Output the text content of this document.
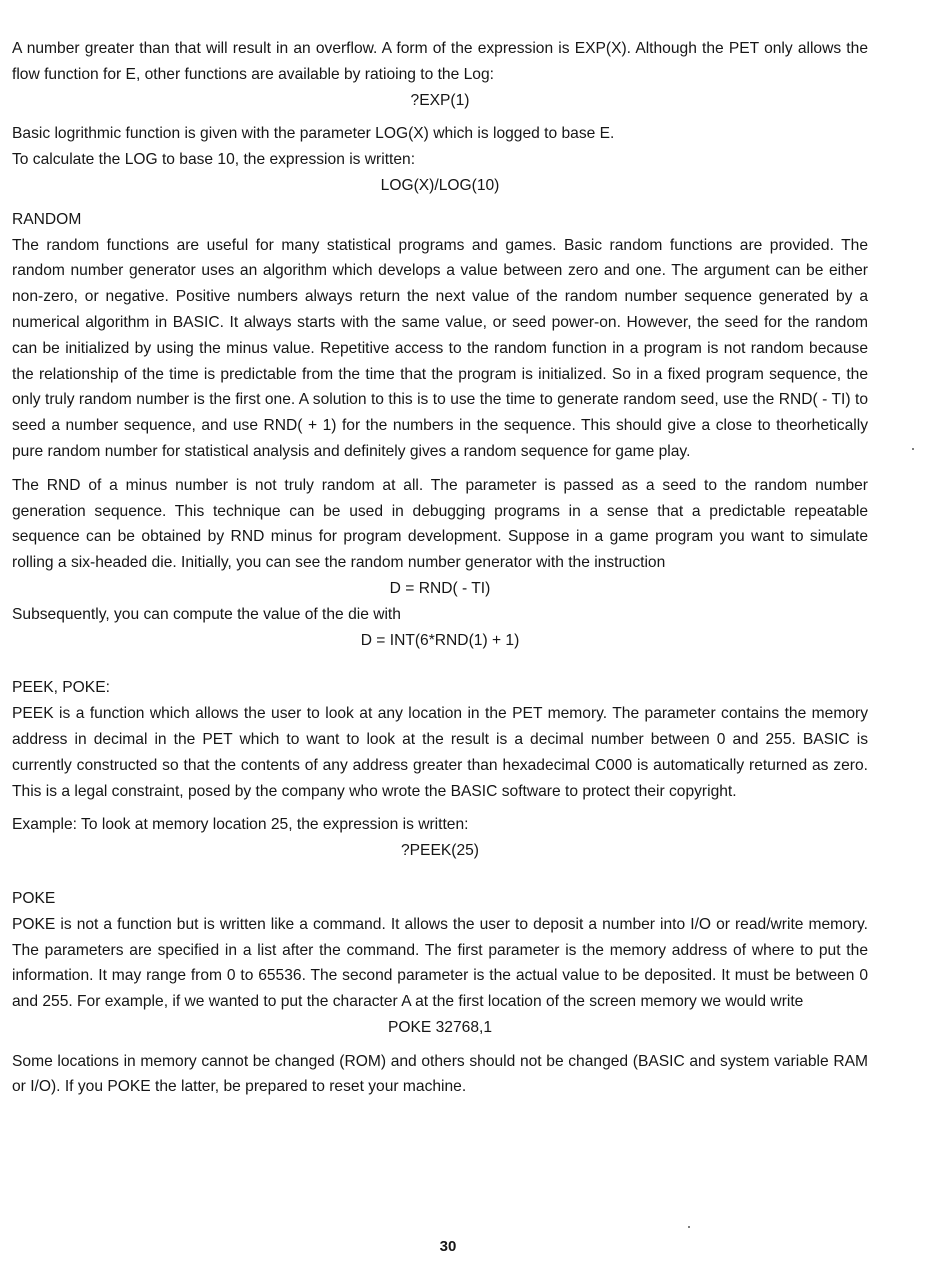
A number greater than that will result in an overflow. A form of the expression is EXP(X). Although the PET only allows the flow function for E, other functions are available by ratioing to the Log:

?EXP(1)

Basic logrithmic function is given with the parameter LOG(X) which is logged to base E.

To calculate the LOG to base 10, the expression is written:

LOG(X)/LOG(10)

RANDOM

The random functions are useful for many statistical programs and games. Basic random functions are provided. The random number generator uses an algorithm which develops a value between zero and one. The argument can be either non-zero, or negative. Positive numbers always return the next value of the random number sequence generated by a numerical algorithm in BASIC. It always starts with the same value, or seed power-on. However, the seed for the random can be initialized by using the minus value. Repetitive access to the random function in a program is not random because the relationship of the time is predictable from the time that the program is initialized. So in a fixed program sequence, the only truly random number is the first one. A solution to this is to use the time to generate random seed, use the RND( - TI) to seed a number sequence, and use RND( + 1) for the numbers in the sequence. This should give a close to theorhetically pure random number for statistical analysis and definitely gives a random sequence for game play.

The RND of a minus number is not truly random at all. The parameter is passed as a seed to the random number generation sequence. This technique can be used in debugging programs in a sense that a predictable repeatable sequence can be obtained by RND minus for program development. Suppose in a game program you want to simulate rolling a six-headed die. Initially, you can see the random number generator with the instruction

D = RND( - TI)

Subsequently, you can compute the value of the die with

D = INT(6*RND(1) + 1)

PEEK, POKE:

PEEK is a function which allows the user to look at any location in the PET memory. The parameter contains the memory address in decimal in the PET which to want to look at the result is a decimal number between 0 and 255. BASIC is currently constructed so that the contents of any address greater than hexadecimal C000 is automatically returned as zero. This is a legal constraint, posed by the company who wrote the BASIC software to protect their copyright.

Example: To look at memory location 25, the expression is written:

?PEEK(25)

POKE

POKE is not a function but is written like a command. It allows the user to deposit a number into I/O or read/write memory. The parameters are specified in a list after the command. The first parameter is the memory address of where to put the information. It may range from 0 to 65536. The second parameter is the actual value to be deposited. It must be between 0 and 255. For example, if we wanted to put the character A at the first location of the screen memory we would write

POKE 32768,1

Some locations in memory cannot be changed (ROM) and others should not be changed (BASIC and system variable RAM or I/O). If you POKE the latter, be prepared to reset your machine.

30
